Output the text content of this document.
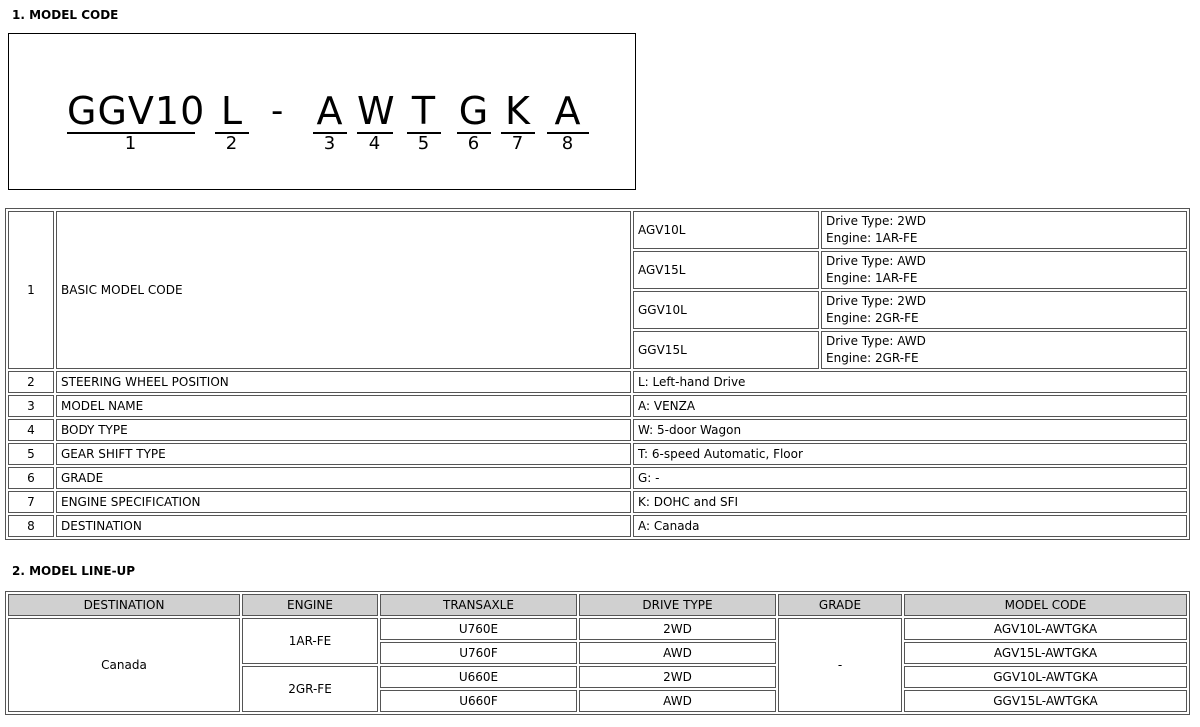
1. MODEL CODE
GGV10
1
L
2
- A
3
W
4
T
5
G
6
K
7
A
8
1	BASIC MODEL CODE	AGV10L	Drive Type: 2WD
Engine: 1AR-FE
		AGV15L	Drive Type: AWD
Engine: 1AR-FE
		GGV10L	Drive Type: 2WD
Engine: 2GR-FE
		GGV15L	Drive Type: AWD
Engine: 2GR-FE
2	STEERING WHEEL POSITION	L: Left-hand Drive	
3	MODEL NAME	A: VENZA	
4	BODY TYPE	W: 5-door Wagon	
5	GEAR SHIFT TYPE	T: 6-speed Automatic, Floor	
6	GRADE	G: -	
7	ENGINE SPECIFICATION	K: DOHC and SFI	
8	DESTINATION	A: Canada	
2. MODEL LINE-UP
DESTINATION	ENGINE	TRANSAXLE	DRIVE TYPE	GRADE	MODEL CODE
Canada	1AR-FE	U760E	2WD	-	AGV10L-AWTGKA
		U760F	AWD		AGV15L-AWTGKA
	2GR-FE	U660E	2WD		GGV10L-AWTGKA
		U660F	AWD		GGV15L-AWTGKA
